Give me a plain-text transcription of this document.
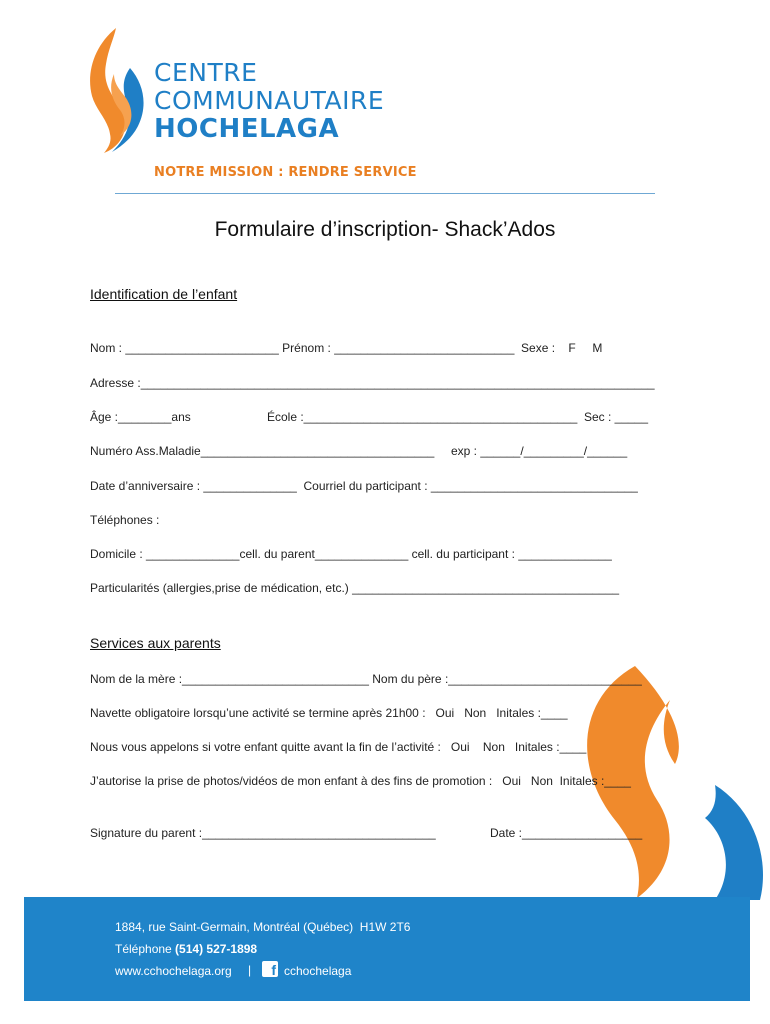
CENTRE
COMMUNAUTAIRE
HOCHELAGA
NOTRE MISSION : RENDRE SERVICE
Formulaire d’inscription- Shack’Ados
Identification de l’enfant
Nom : _______________________ Prénom : ___________________________  Sexe :    F     M
Adresse :_____________________________________________________________________________
Âge :________ans	École :_________________________________________  Sec : _____
Numéro Ass.Maladie___________________________________     exp : ______/_________/______
Date d’anniversaire : ______________  Courriel du participant : _______________________________
Téléphones :
Domicile : ______________cell. du parent______________ cell. du participant : ______________
Particularités (allergies,prise de médication, etc.) ________________________________________
Services aux parents
Nom de la mère :____________________________ Nom du père :_____________________________
Navette obligatoire lorsqu’une activité se termine après 21h00 :   Oui   Non   Initales :____
Nous vous appelons si votre enfant quitte avant la fin de l’activité :   Oui    Non   Initales :____
J’autorise la prise de photos/vidéos de mon enfant à des fins de promotion :   Oui   Non  Initales :____
Signature du parent :___________________________________	Date :__________________
1884, rue Saint-Germain, Montréal (Québec)  H1W 2T6
Téléphone (514) 527-1898
www.cchochelaga.org |	f cchochelaga
